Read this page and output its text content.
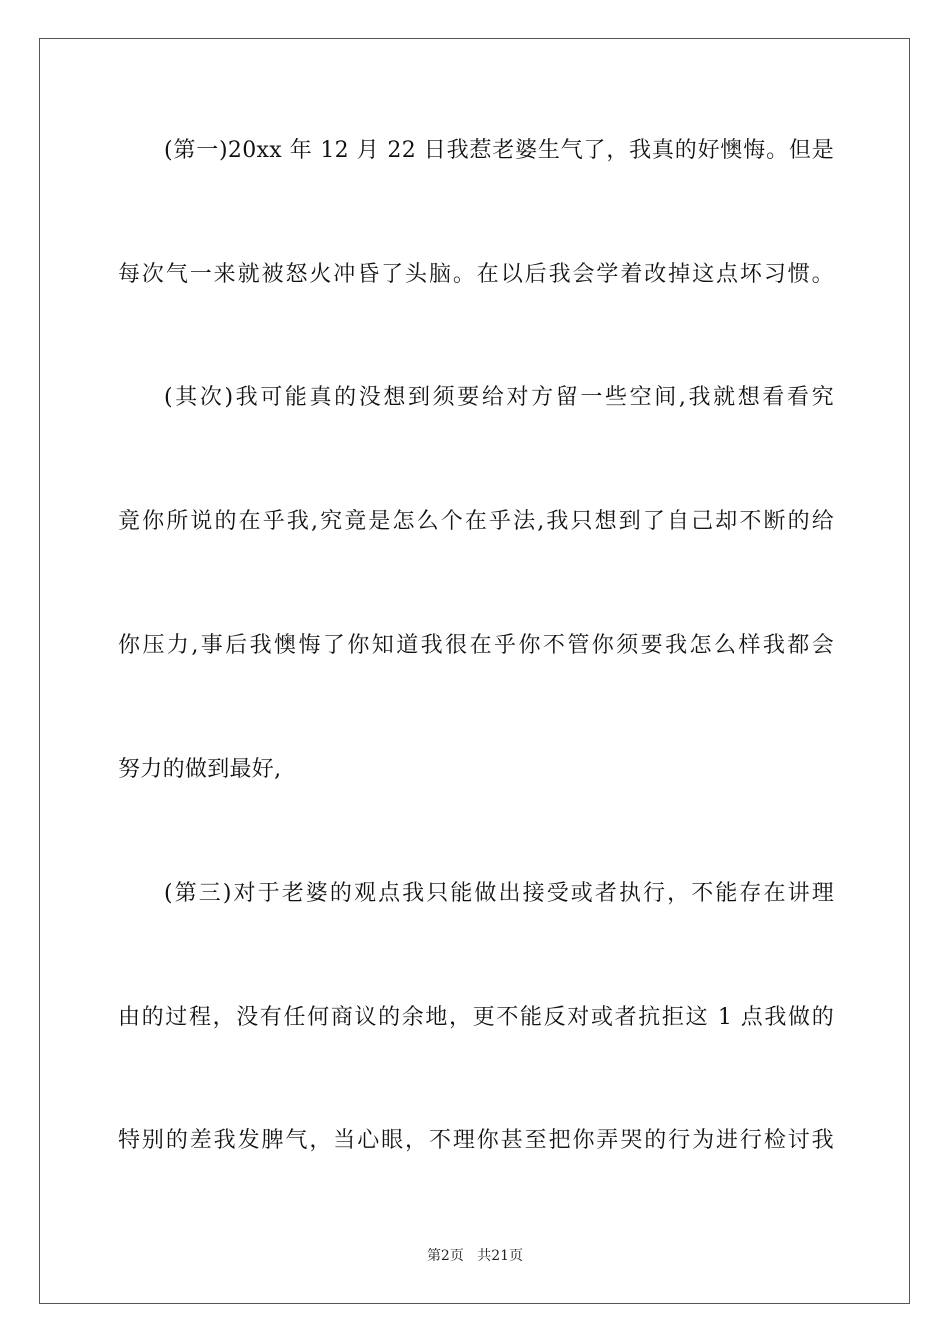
(第一)20xx 年 12 月 22 日我惹老婆生气了，我真的好懊悔。但是
每次气一来就被怒火冲昏了头脑。在以后我会学着改掉这点坏习惯。
(其次)我可能真的没想到须要给对方留一些空间,我就想看看究
竟你所说的在乎我,究竟是怎么个在乎法,我只想到了自己却不断的给
你压力,事后我懊悔了你知道我很在乎你不管你须要我怎么样我都会
努力的做到最好,
(第三)对于老婆的观点我只能做出接受或者执行，不能存在讲理
由的过程，没有任何商议的余地，更不能反对或者抗拒这 1 点我做的
特别的差我发脾气，当心眼，不理你甚至把你弄哭的行为进行检讨我
第2页 共21页
